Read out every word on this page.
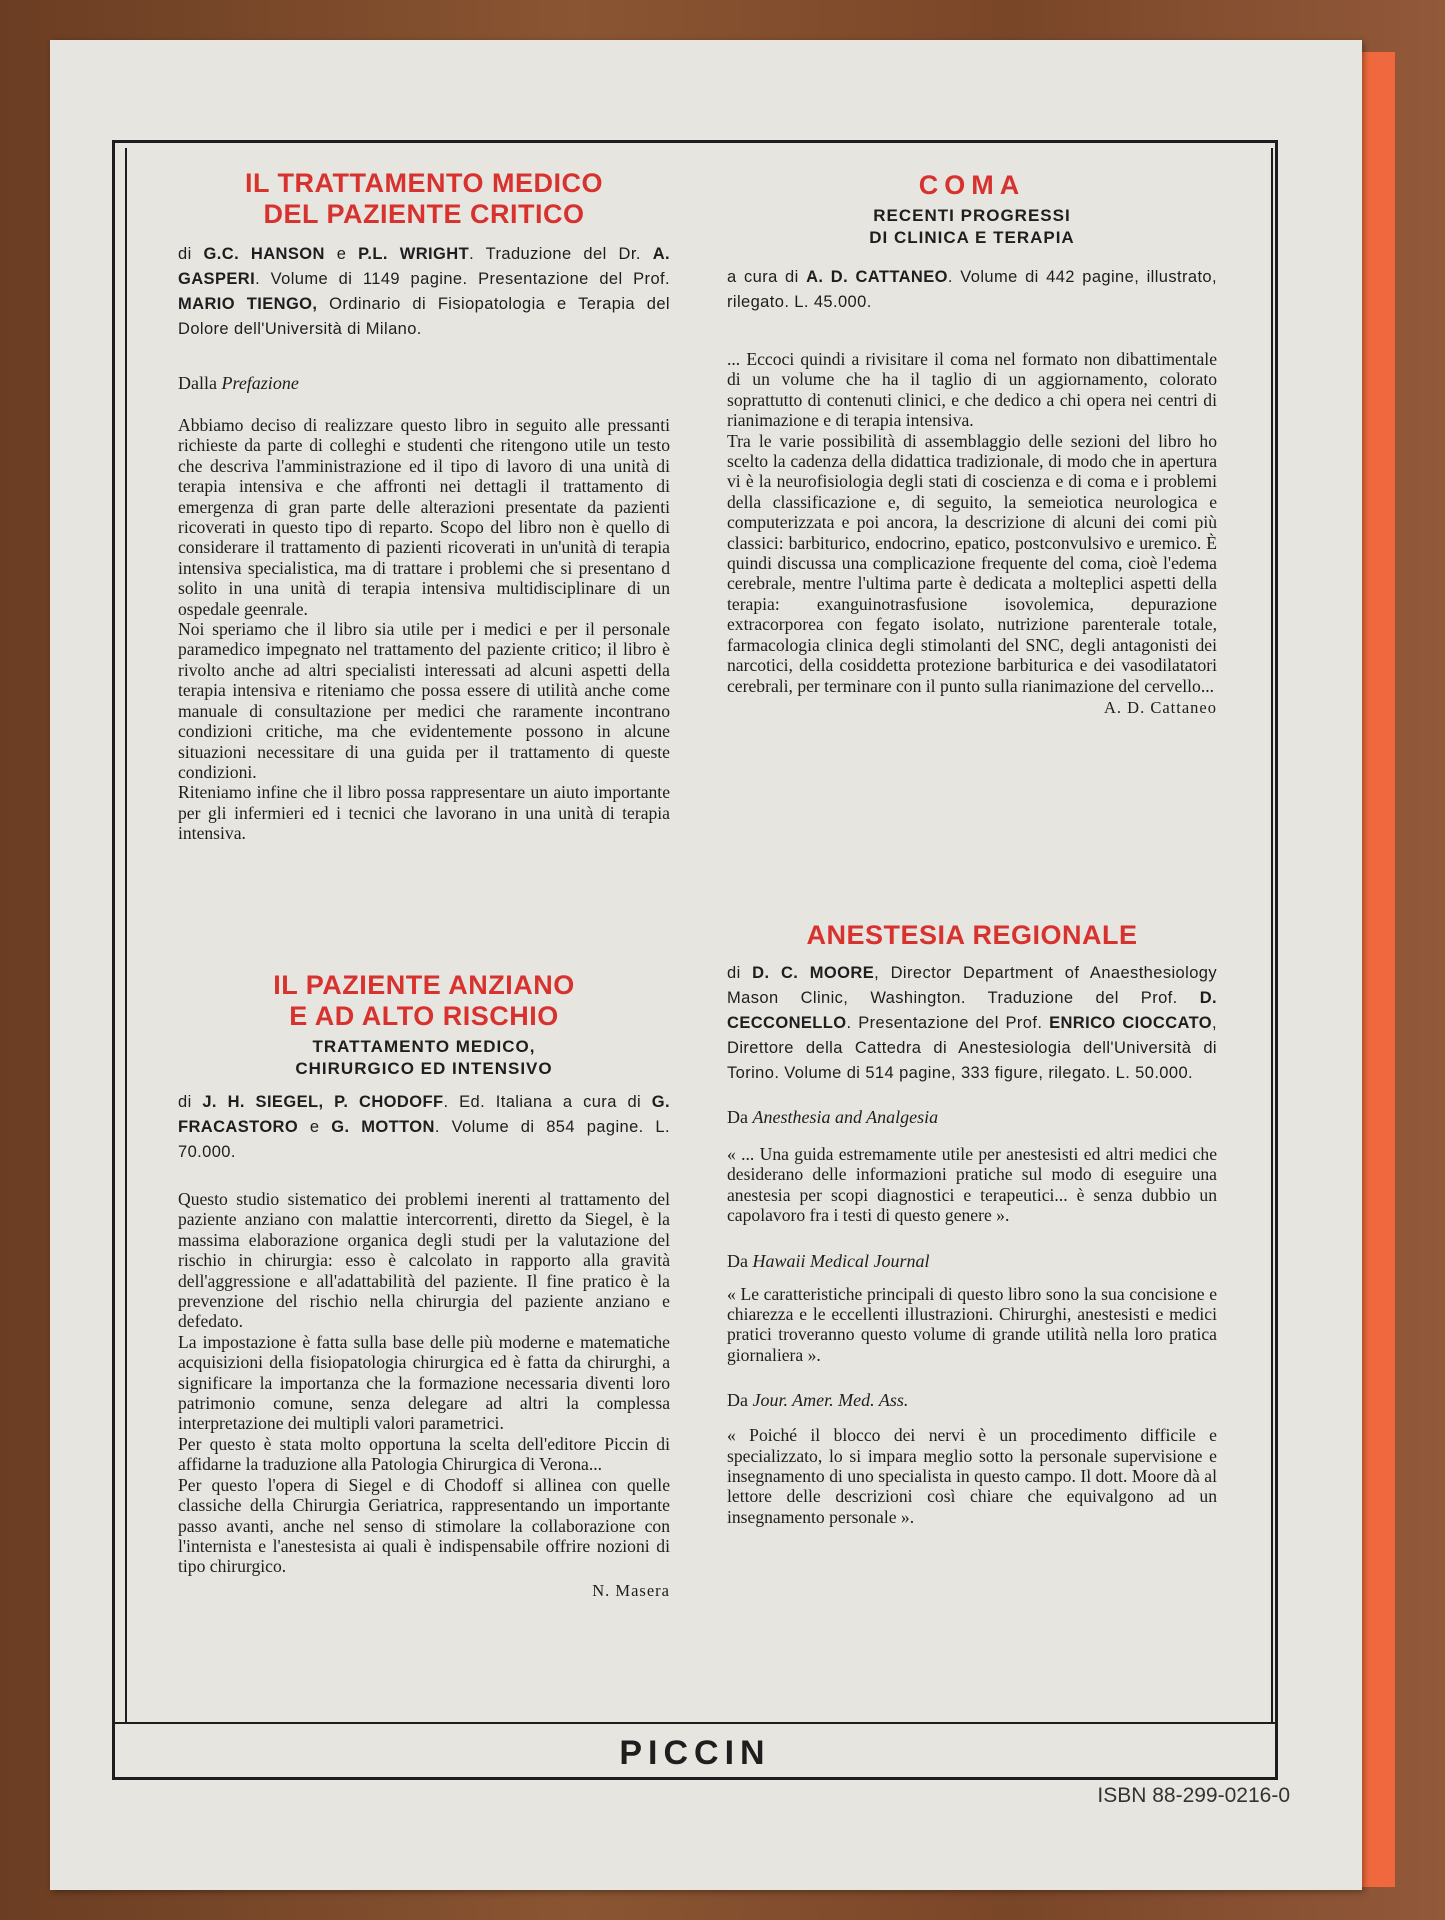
IL TRATTAMENTO MEDICO

DEL PAZIENTE CRITICO

di G.C. HANSON e P.L. WRIGHT. Traduzione del Dr. A. GASPERI. Volume di 1149 pagine. Presentazione del Prof. MARIO TIENGO, Ordinario di Fisiopatologia e Terapia del Dolore dell'Università di Milano.

Dalla Prefazione

Abbiamo deciso di realizzare questo libro in seguito alle pressanti richieste da parte di colleghi e studenti che ritengono utile un testo che descriva l'amministrazione ed il tipo di lavoro di una unità di terapia intensiva e che affronti nei dettagli il trattamento di emergenza di gran parte delle alterazioni presentate da pazienti ricoverati in questo tipo di reparto. Scopo del libro non è quello di considerare il trattamento di pazienti ricoverati in un'unità di terapia intensiva specialistica, ma di trattare i problemi che si presentano d solito in una unità di terapia intensiva multidisciplinare di un ospedale geenrale.

Noi speriamo che il libro sia utile per i medici e per il personale paramedico impegnato nel trattamento del paziente critico; il libro è rivolto anche ad altri specialisti interessati ad alcuni aspetti della terapia intensiva e riteniamo che possa essere di utilità anche come manuale di consultazione per medici che raramente incontrano condizioni critiche, ma che evidentemente possono in alcune situazioni necessitare di una guida per il trattamento di queste condizioni.

Riteniamo infine che il libro possa rappresentare un aiuto importante per gli infermieri ed i tecnici che lavorano in una unità di terapia intensiva.

IL PAZIENTE ANZIANO

E AD ALTO RISCHIO

TRATTAMENTO MEDICO,

CHIRURGICO ED INTENSIVO

di J. H. SIEGEL, P. CHODOFF. Ed. Italiana a cura di G. FRACASTORO e G. MOTTON. Volume di 854 pagine. L. 70.000.

Questo studio sistematico dei problemi inerenti al trattamento del paziente anziano con malattie intercorrenti, diretto da Siegel, è la massima elaborazione organica degli studi per la valutazione del rischio in chirurgia: esso è calcolato in rapporto alla gravità dell'aggressione e all'adattabilità del paziente. Il fine pratico è la prevenzione del rischio nella chirurgia del paziente anziano e defedato.

La impostazione è fatta sulla base delle più moderne e matematiche acquisizioni della fisiopatologia chirurgica ed è fatta da chirurghi, a significare la importanza che la formazione necessaria diventi loro patrimonio comune, senza delegare ad altri la complessa interpretazione dei multipli valori parametrici.

Per questo è stata molto opportuna la scelta dell'editore Piccin di affidarne la traduzione alla Patologia Chirurgica di Verona...

Per questo l'opera di Siegel e di Chodoff si allinea con quelle classiche della Chirurgia Geriatrica, rappresentando un importante passo avanti, anche nel senso di stimolare la collaborazione con l'internista e l'anestesista ai quali è indispensabile offrire nozioni di tipo chirurgico.

N. Masera

COMA

RECENTI PROGRESSI

DI CLINICA E TERAPIA

a cura di A. D. CATTANEO. Volume di 442 pagine, illustrato, rilegato. L. 45.000.

... Eccoci quindi a rivisitare il coma nel formato non dibattimentale di un volume che ha il taglio di un aggiornamento, colorato soprattutto di contenuti clinici, e che dedico a chi opera nei centri di rianimazione e di terapia intensiva.

Tra le varie possibilità di assemblaggio delle sezioni del libro ho scelto la cadenza della didattica tradizionale, di modo che in apertura vi è la neurofisiologia degli stati di coscienza e di coma e i problemi della classificazione e, di seguito, la semeiotica neurologica e computerizzata e poi ancora, la descrizione di alcuni dei comi più classici: barbiturico, endocrino, epatico, postconvulsivo e uremico. È quindi discussa una complicazione frequente del coma, cioè l'edema cerebrale, mentre l'ultima parte è dedicata a molteplici aspetti della terapia: exanguinotrasfusione isovolemica, depurazione extracorporea con fegato isolato, nutrizione parenterale totale, farmacologia clinica degli stimolanti del SNC, degli antagonisti dei narcotici, della cosiddetta protezione barbiturica e dei vasodilatatori cerebrali, per terminare con il punto sulla rianimazione del cervello...

A. D. Cattaneo

ANESTESIA REGIONALE

di D. C. MOORE, Director Department of Anaesthesiology Mason Clinic, Washington. Traduzione del Prof. D. CECCONELLO. Presentazione del Prof. ENRICO CIOCCATO, Direttore della Cattedra di Anestesiologia dell'Università di Torino. Volume di 514 pagine, 333 figure, rilegato. L. 50.000.

Da Anesthesia and Analgesia

« ... Una guida estremamente utile per anestesisti ed altri medici che desiderano delle informazioni pratiche sul modo di eseguire una anestesia per scopi diagnostici e terapeutici... è senza dubbio un capolavoro fra i testi di questo genere ».

Da Hawaii Medical Journal

« Le caratteristiche principali di questo libro sono la sua concisione e chiarezza e le eccellenti illustrazioni. Chirurghi, anestesisti e medici pratici troveranno questo volume di grande utilità nella loro pratica giornaliera ».

Da Jour. Amer. Med. Ass.

« Poiché il blocco dei nervi è un procedimento difficile e specializzato, lo si impara meglio sotto la personale supervisione e insegnamento di uno specialista in questo campo. Il dott. Moore dà al lettore delle descrizioni così chiare che equivalgono ad un insegnamento personale ».

PICCIN
ISBN 88-299-0216-0
